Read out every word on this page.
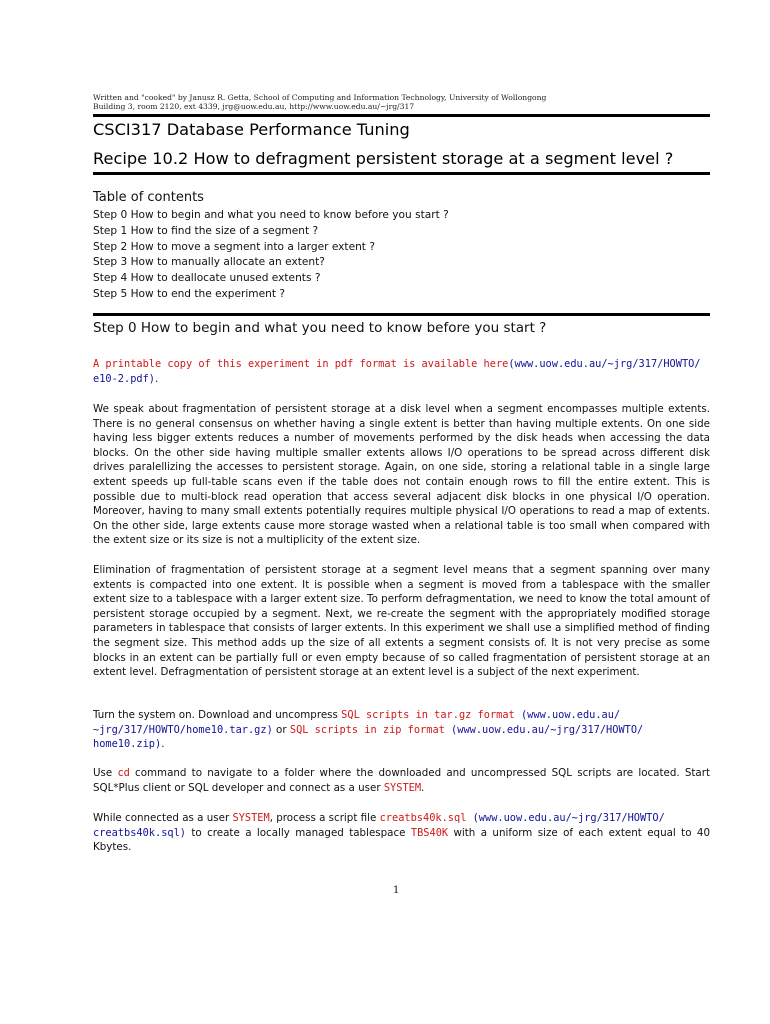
Written and "cooked" by Janusz R. Getta, School of Computing and Information Technology, University of Wollongong
Building 3, room 2120, ext 4339, jrg@uow.edu.au, http://www.uow.edu.au/~jrg/317
CSCI317 Database Performance Tuning
Recipe 10.2 How to defragment persistent storage at a segment level ?
Table of contents
Step 0 How to begin and what you need to know before you start ?
Step 1 How to find the size of a segment ?
Step 2 How to move a segment into a larger extent ?
Step 3 How to manually allocate an extent?
Step 4 How to deallocate unused extents ?
Step 5 How to end the experiment ?
Step 0 How to begin and what you need to know before you start ?
A printable copy of this experiment in pdf format is available here(www.uow.edu.au/~jrg/317/HOWTO/
e10-2.pdf).
We speak about fragmentation of persistent storage at a disk level when a segment encompasses multiple extents. There is no general consensus on whether having a single extent is better than having multiple extents. On one side having less bigger extents reduces a number of movements performed by the disk heads when accessing the data blocks. On the other side having multiple smaller extents allows I/O operations to be spread across different disk drives paralellizing the accesses to persistent storage. Again, on one side, storing a relational table in a single large extent speeds up full-table scans even if the table does not contain enough rows to fill the entire extent. This is possible due to multi-block read operation that access several adjacent disk blocks in one physical I/O operation. Moreover, having to many small extents potentially requires multiple physical I/O operations to read a map of extents. On the other side, large extents cause more storage wasted when a relational table is too small when compared with the extent size or its size is not a multiplicity of the extent size.
Elimination of fragmentation of persistent storage at a segment level means that a segment spanning over many extents is compacted into one extent. It is possible when a segment is moved from a tablespace with the smaller extent size to a tablespace with a larger extent size. To perform defragmentation, we need to know the total amount of persistent storage occupied by a segment. Next, we re-create the segment with the appropriately modified storage parameters in tablespace that consists of larger extents. In this experiment we shall use a simplified method of finding the segment size. This method adds up the size of all extents a segment consists of. It is not very precise as some blocks in an extent can be partially full or even empty because of so called fragmentation of persistent storage at an extent level. Defragmentation of persistent storage at an extent level is a subject of the next experiment.
Turn the system on. Download and uncompress SQL scripts in tar.gz format (www.uow.edu.au/
~jrg/317/HOWTO/home10.tar.gz) or SQL scripts in zip format (www.uow.edu.au/~jrg/317/HOWTO/
home10.zip).
Use cd command to navigate to a folder where the downloaded and uncompressed SQL scripts are located. Start SQL*Plus client or SQL developer and connect as a user SYSTEM.
While connected as a user SYSTEM, process a script file creatbs40k.sql (www.uow.edu.au/~jrg/317/HOWTO/
creatbs40k.sql) to create a locally managed tablespace TBS40K with a uniform size of each extent equal to 40 Kbytes.
1
